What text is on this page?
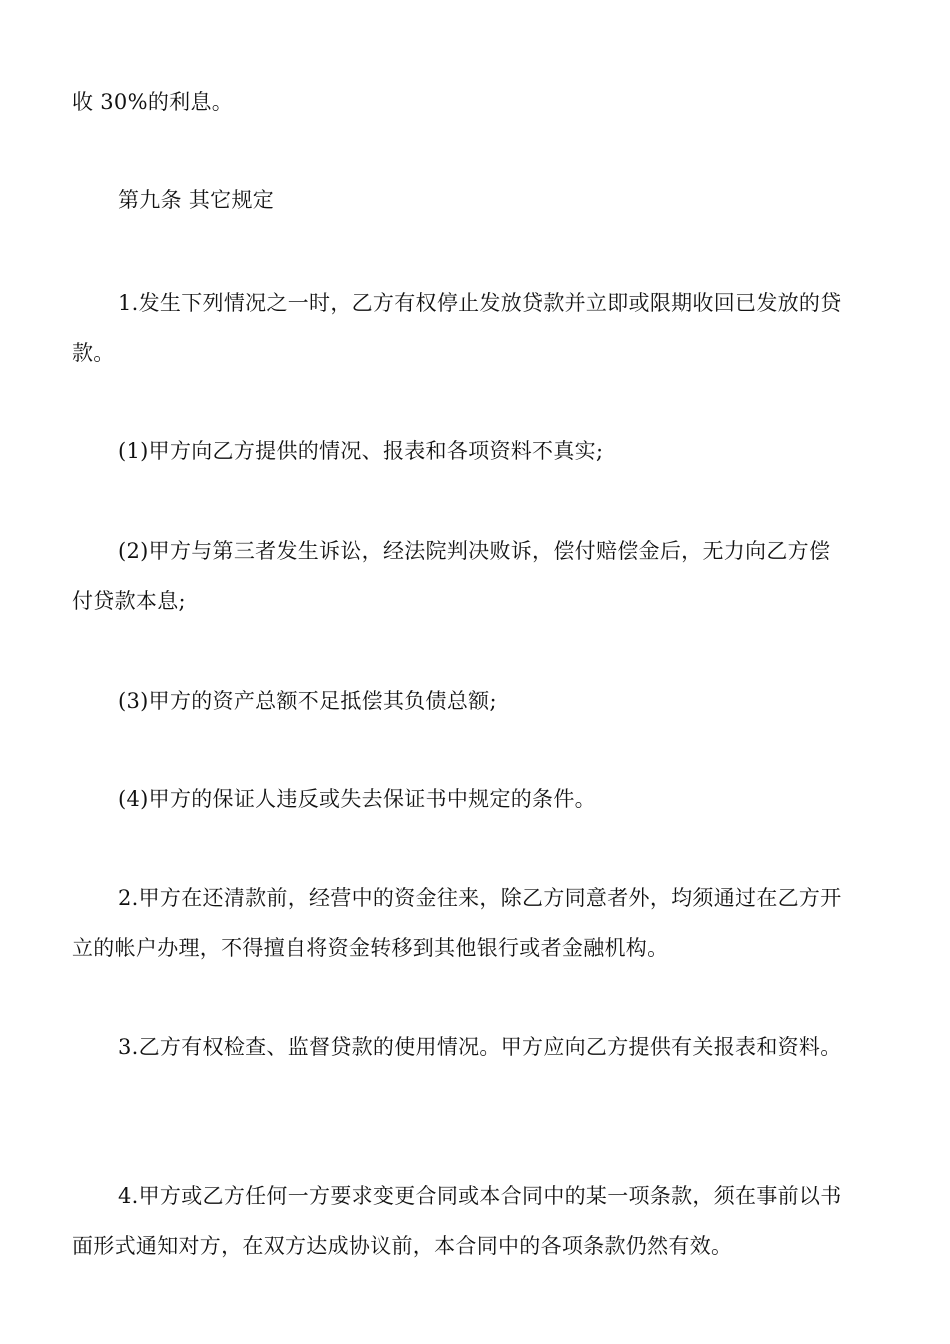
收 30%的利息。
第九条 其它规定
1.发生下列情况之一时，乙方有权停止发放贷款并立即或限期收回已发放的贷
款。
(1)甲方向乙方提供的情况、报表和各项资料不真实;
(2)甲方与第三者发生诉讼，经法院判决败诉，偿付赔偿金后，无力向乙方偿
付贷款本息;
(3)甲方的资产总额不足抵偿其负债总额;
(4)甲方的保证人违反或失去保证书中规定的条件。
2.甲方在还清款前，经营中的资金往来，除乙方同意者外，均须通过在乙方开
立的帐户办理，不得擅自将资金转移到其他银行或者金融机构。
3.乙方有权检查、监督贷款的使用情况。甲方应向乙方提供有关报表和资料。
4.甲方或乙方任何一方要求变更合同或本合同中的某一项条款，须在事前以书
面形式通知对方，在双方达成协议前，本合同中的各项条款仍然有效。
